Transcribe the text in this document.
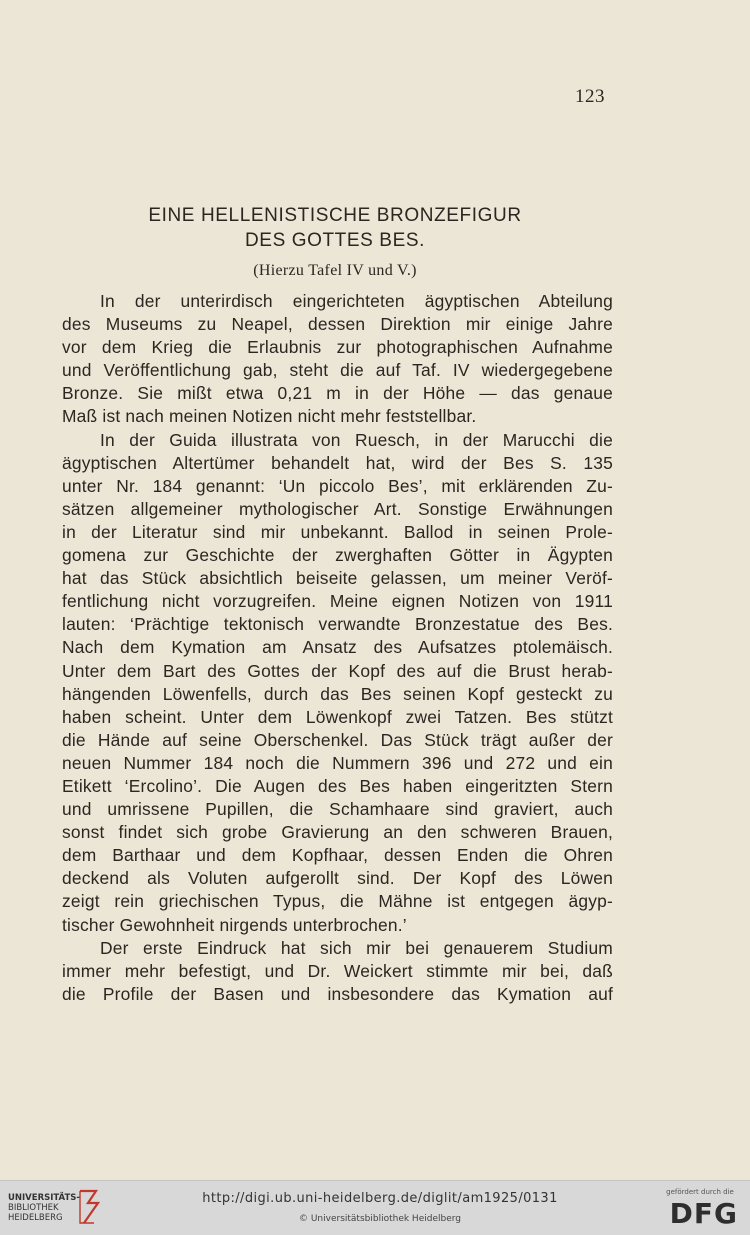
123
EINE HELLENISTISCHE BRONZEFIGUR
DES GOTTES BES.
(Hierzu Tafel IV und V.)
In der unterirdisch eingerichteten ägyptischen Abteilung
des Museums zu Neapel, dessen Direktion mir einige Jahre
vor dem Krieg die Erlaubnis zur photographischen Aufnahme
und Veröffentlichung gab, steht die auf Taf. IV wiedergegebene
Bronze. Sie mißt etwa 0,21 m in der Höhe — das genaue
Maß ist nach meinen Notizen nicht mehr feststellbar.
In der Guida illustrata von Ruesch, in der Marucchi die
ägyptischen Altertümer behandelt hat, wird der Bes S. 135
unter Nr. 184 genannt: ‘Un piccolo Bes’, mit erklärenden Zu-
sätzen allgemeiner mythologischer Art. Sonstige Erwähnungen
in der Literatur sind mir unbekannt. Ballod in seinen Prole-
gomena zur Geschichte der zwerghaften Götter in Ägypten
hat das Stück absichtlich beiseite gelassen, um meiner Veröf-
fentlichung nicht vorzugreifen. Meine eignen Notizen von 1911
lauten: ‘Prächtige tektonisch verwandte Bronzestatue des Bes.
Nach dem Kymation am Ansatz des Aufsatzes ptolemäisch.
Unter dem Bart des Gottes der Kopf des auf die Brust herab-
hängenden Löwenfells, durch das Bes seinen Kopf gesteckt zu
haben scheint. Unter dem Löwenkopf zwei Tatzen. Bes stützt
die Hände auf seine Oberschenkel. Das Stück trägt außer der
neuen Nummer 184 noch die Nummern 396 und 272 und ein
Etikett ‘Ercolino’. Die Augen des Bes haben eingeritzten Stern
und umrissene Pupillen, die Schamhaare sind graviert, auch
sonst findet sich grobe Gravierung an den schweren Brauen,
dem Barthaar und dem Kopfhaar, dessen Enden die Ohren
deckend als Voluten aufgerollt sind. Der Kopf des Löwen
zeigt rein griechischen Typus, die Mähne ist entgegen ägyp-
tischer Gewohnheit nirgends unterbrochen.’
Der erste Eindruck hat sich mir bei genauerem Studium
immer mehr befestigt, und Dr. Weickert stimmte mir bei, daß
die Profile der Basen und insbesondere das Kymation auf
UNIVERSITÄTS-
BIBLIOTHEK
HEIDELBERG
http://digi.ub.uni-heidelberg.de/diglit/am1925/0131
© Universitätsbibliothek Heidelberg
gefördert durch die
DFG
